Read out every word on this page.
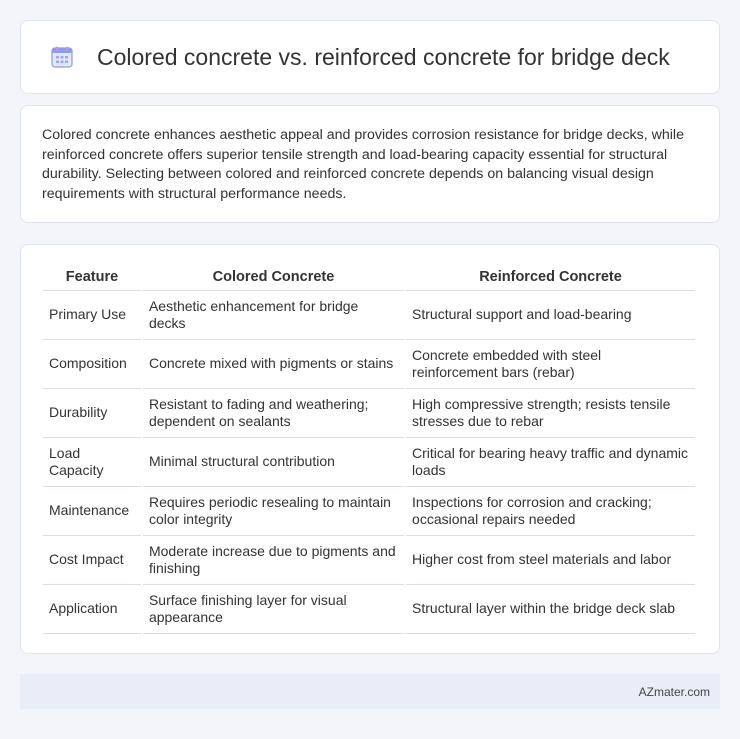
Colored concrete vs. reinforced concrete for bridge deck

Colored concrete enhances aesthetic appeal and provides corrosion resistance for bridge decks, while reinforced concrete offers superior tensile strength and load-bearing capacity essential for structural durability. Selecting between colored and reinforced concrete depends on balancing visual design requirements with structural performance needs.

Feature	Colored Concrete	Reinforced Concrete
Primary Use	Aesthetic enhancement for bridge decks	Structural support and load-bearing
Composition	Concrete mixed with pigments or stains	Concrete embedded with steel reinforcement bars (rebar)
Durability	Resistant to fading and weathering; dependent on sealants	High compressive strength; resists tensile stresses due to rebar
Load Capacity	Minimal structural contribution	Critical for bearing heavy traffic and dynamic loads
Maintenance	Requires periodic resealing to maintain color integrity	Inspections for corrosion and cracking; occasional repairs needed
Cost Impact	Moderate increase due to pigments and finishing	Higher cost from steel materials and labor
Application	Surface finishing layer for visual appearance	Structural layer within the bridge deck slab
AZmater.com
